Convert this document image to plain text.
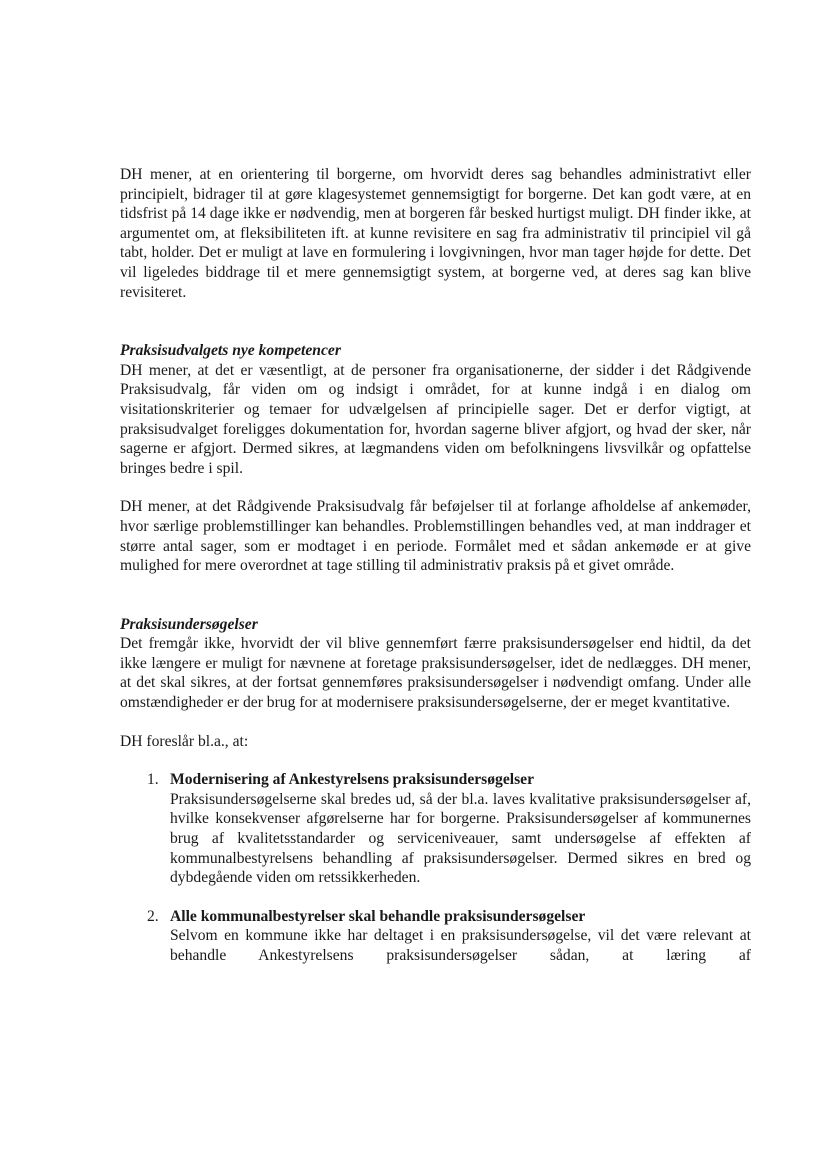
DH mener, at en orientering til borgerne, om hvorvidt deres sag behandles administrativt eller principielt, bidrager til at gøre klagesystemet gennemsigtigt for borgerne. Det kan godt være, at en tidsfrist på 14 dage ikke er nødvendig, men at borgeren får besked hurtigst muligt. DH finder ikke, at argumentet om, at fleksibiliteten ift. at kunne revisitere en sag fra administrativ til principiel vil gå tabt, holder. Det er muligt at lave en formulering i lovgivningen, hvor man tager højde for dette. Det vil ligeledes biddrage til et mere gennemsigtigt system, at borgerne ved, at deres sag kan blive revisiteret.

Praksisudvalgets nye kompetencer

DH mener, at det er væsentligt, at de personer fra organisationerne, der sidder i det Rådgivende Praksisudvalg, får viden om og indsigt i området, for at kunne indgå i en dialog om visitationskriterier og temaer for udvælgelsen af principielle sager. Det er derfor vigtigt, at praksisudvalget foreligges dokumentation for, hvordan sagerne bliver afgjort, og hvad der sker, når sagerne er afgjort. Dermed sikres, at lægmandens viden om befolkningens livsvilkår og opfattelse bringes bedre i spil.

DH mener, at det Rådgivende Praksisudvalg får beføjelser til at forlange afholdelse af ankemøder, hvor særlige problemstillinger kan behandles. Problemstillingen behandles ved, at man inddrager et større antal sager, som er modtaget i en periode. Formålet med et sådan ankemøde er at give mulighed for mere overordnet at tage stilling til administrativ praksis på et givet område.

Praksisundersøgelser

Det fremgår ikke, hvorvidt der vil blive gennemført færre praksisundersøgelser end hidtil, da det ikke længere er muligt for nævnene at foretage praksisundersøgelser, idet de nedlægges. DH mener, at det skal sikres, at der fortsat gennemføres praksisundersøgelser i nødvendigt omfang. Under alle omstændigheder er der brug for at modernisere praksisundersøgelserne, der er meget kvantitative.

DH foreslår bl.a., at:

1. Modernisering af Ankestyrelsens praksisundersøgelser

Praksisundersøgelserne skal bredes ud, så der bl.a. laves kvalitative praksisundersøgelser af, hvilke konsekvenser afgørelserne har for borgerne. Praksisundersøgelser af kommunernes brug af kvalitetsstandarder og serviceniveauer, samt undersøgelse af effekten af kommunalbestyrelsens behandling af praksisundersøgelser. Dermed sikres en bred og dybdegående viden om retssikkerheden.

2. Alle kommunalbestyrelser skal behandle praksisundersøgelser

Selvom en kommune ikke har deltaget i en praksisundersøgelse, vil det være relevant at behandle Ankestyrelsens praksisundersøgelser sådan, at læring af
